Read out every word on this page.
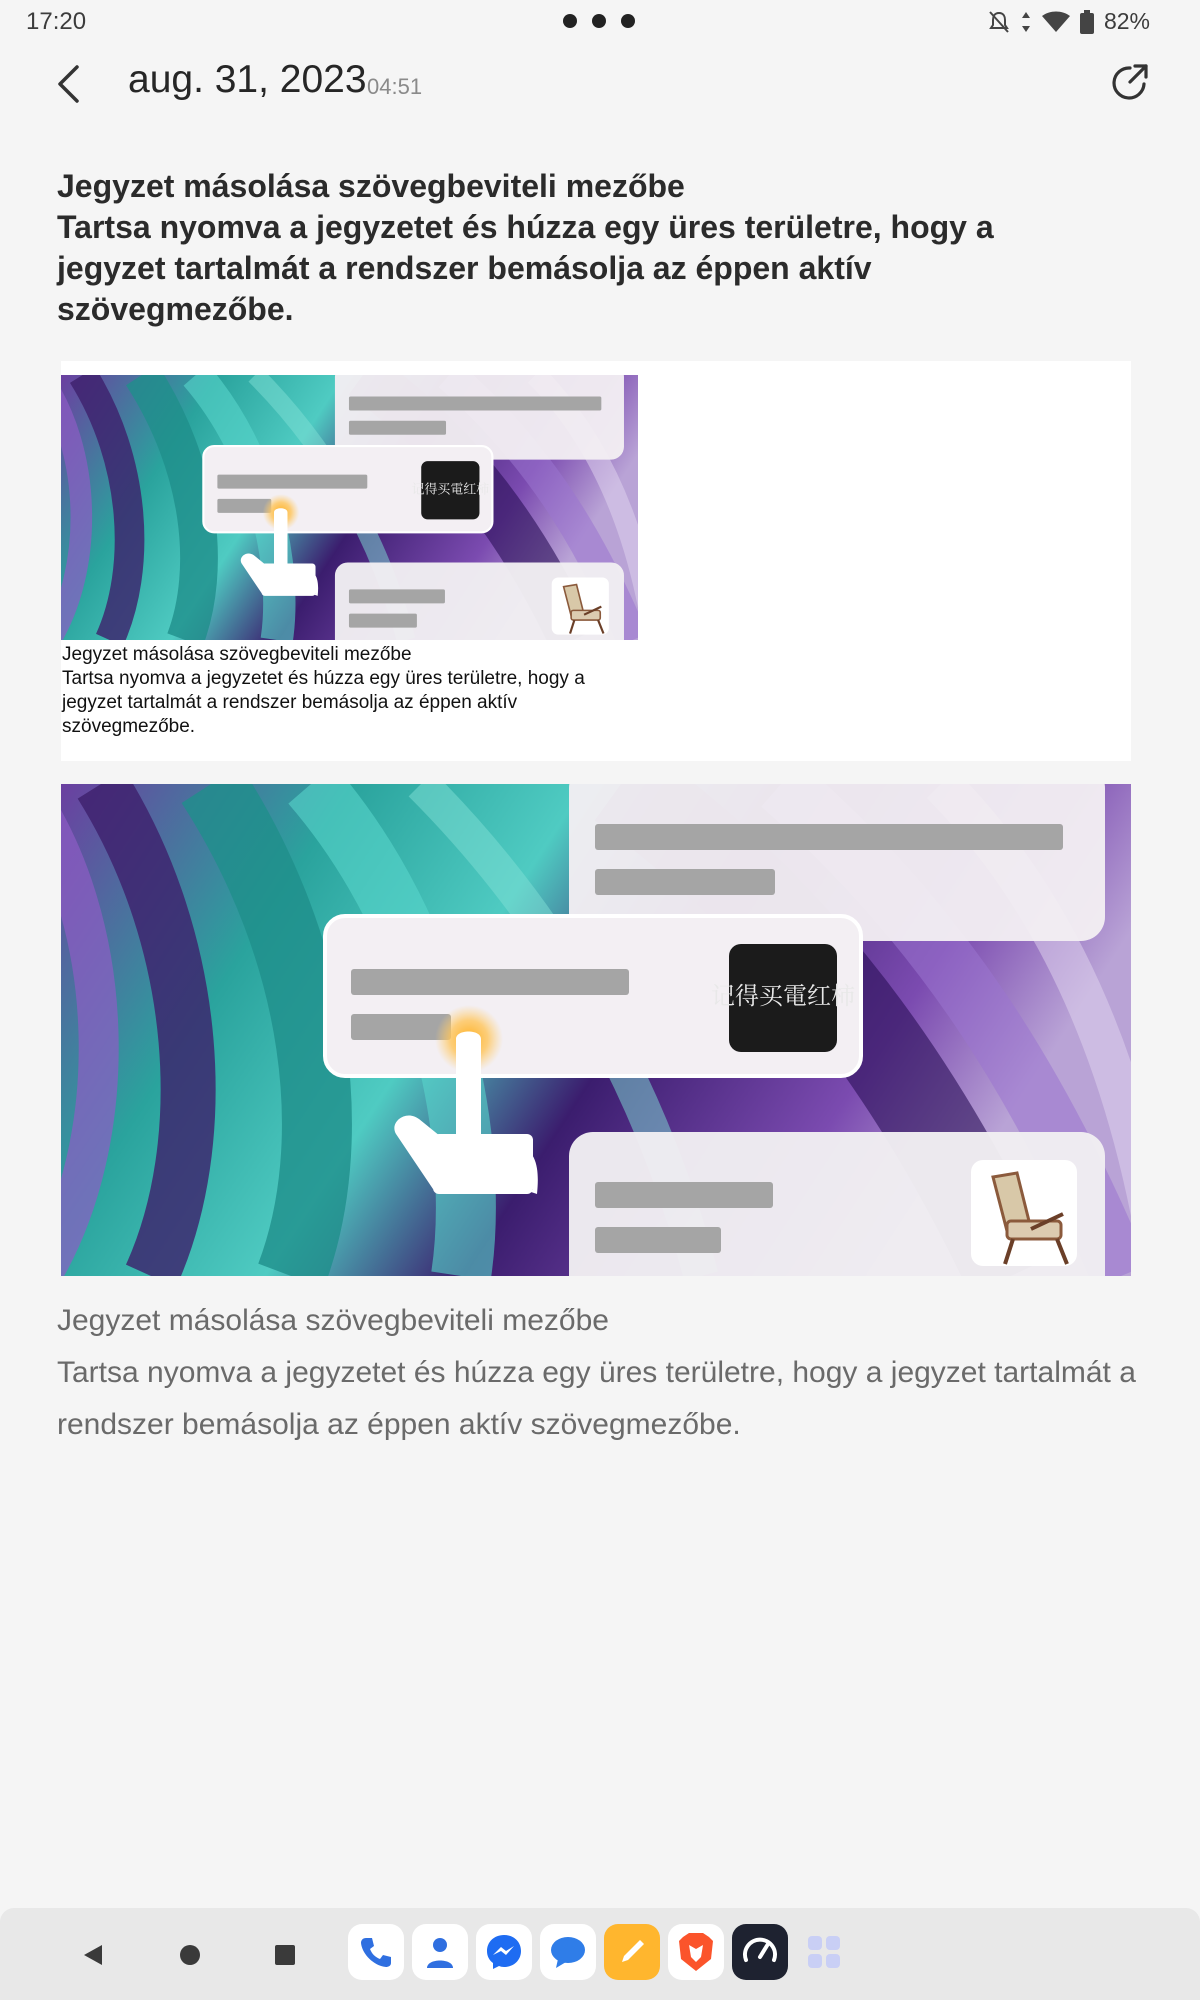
17:20	82%
aug. 31, 2023 04:51
Jegyzet másolása szövegbeviteli mezőbe
Tartsa nyomva a jegyzetet és húzza egy üres területre, hogy a jegyzet tartalmát a rendszer bemásolja az éppen aktív szövegmezőbe.
Jegyzet másolása szövegbeviteli mezőbe
Tartsa nyomva a jegyzetet és húzza egy üres területre, hogy a jegyzet tartalmát a rendszer bemásolja az éppen aktív szövegmezőbe.
Jegyzet másolása szövegbeviteli mezőbe
Tartsa nyomva a jegyzetet és húzza egy üres területre, hogy a jegyzet tartalmát a rendszer bemásolja az éppen aktív szövegmezőbe.
